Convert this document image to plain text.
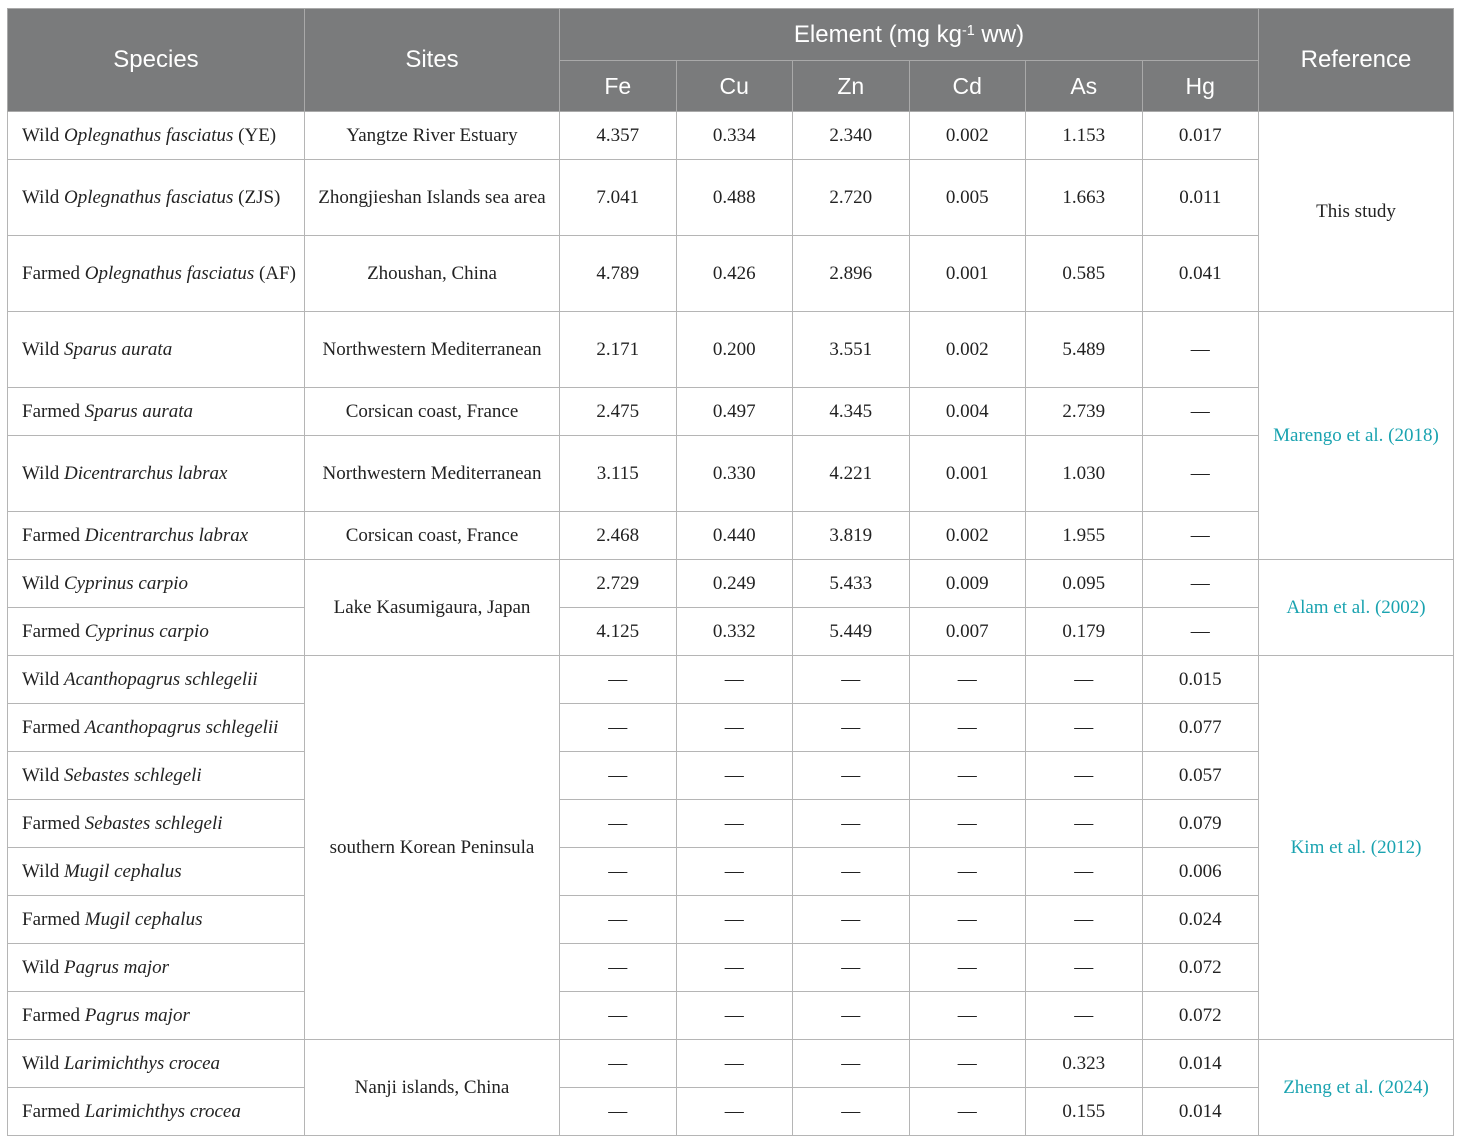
Species	Sites	Element (mg $kg^{-1}$ ww)						Reference
		Fe	Cu	Zn	Cd	As	Hg	
Wild Oplegnathus fasciatus (YE)	Yangtze River Estuary	4.357	0.334	2.340	0.002	1.153	0.017	This study
Wild Oplegnathus fasciatus (ZJS)	Zhongjieshan Islands sea area	7.041	0.488	2.720	0.005	1.663	0.011	
Farmed Oplegnathus fasciatus (AF)	Zhoushan, China	4.789	0.426	2.896	0.001	0.585	0.041	
Wild Sparus aurata	Northwestern Mediterranean	2.171	0.200	3.551	0.002	5.489	—	Marengo et al. (2018)
Farmed Sparus aurata	Corsican coast, France	2.475	0.497	4.345	0.004	2.739	—	
Wild Dicentrarchus labrax	Northwestern Mediterranean	3.115	0.330	4.221	0.001	1.030	—	
Farmed Dicentrarchus labrax	Corsican coast, France	2.468	0.440	3.819	0.002	1.955	—	
Wild Cyprinus carpio	Lake Kasumigaura, Japan	2.729	0.249	5.433	0.009	0.095	—	Alam et al. (2002)
Farmed Cyprinus carpio		4.125	0.332	5.449	0.007	0.179	—	
Wild Acanthopagrus schlegelii	southern Korean Peninsula	—	—	—	—	—	0.015	Kim et al. (2012)
Farmed Acanthopagrus schlegelii		—	—	—	—	—	0.077	
Wild Sebastes schlegeli		—	—	—	—	—	0.057	
Farmed Sebastes schlegeli		—	—	—	—	—	0.079	
Wild Mugil cephalus		—	—	—	—	—	0.006	
Farmed Mugil cephalus		—	—	—	—	—	0.024	
Wild Pagrus major		—	—	—	—	—	0.072	
Farmed Pagrus major		—	—	—	—	—	0.072	
Wild Larimichthys crocea	Nanji islands, China	—	—	—	—	0.323	0.014	Zheng et al. (2024)
Farmed Larimichthys crocea		—	—	—	—	0.155	0.014	
